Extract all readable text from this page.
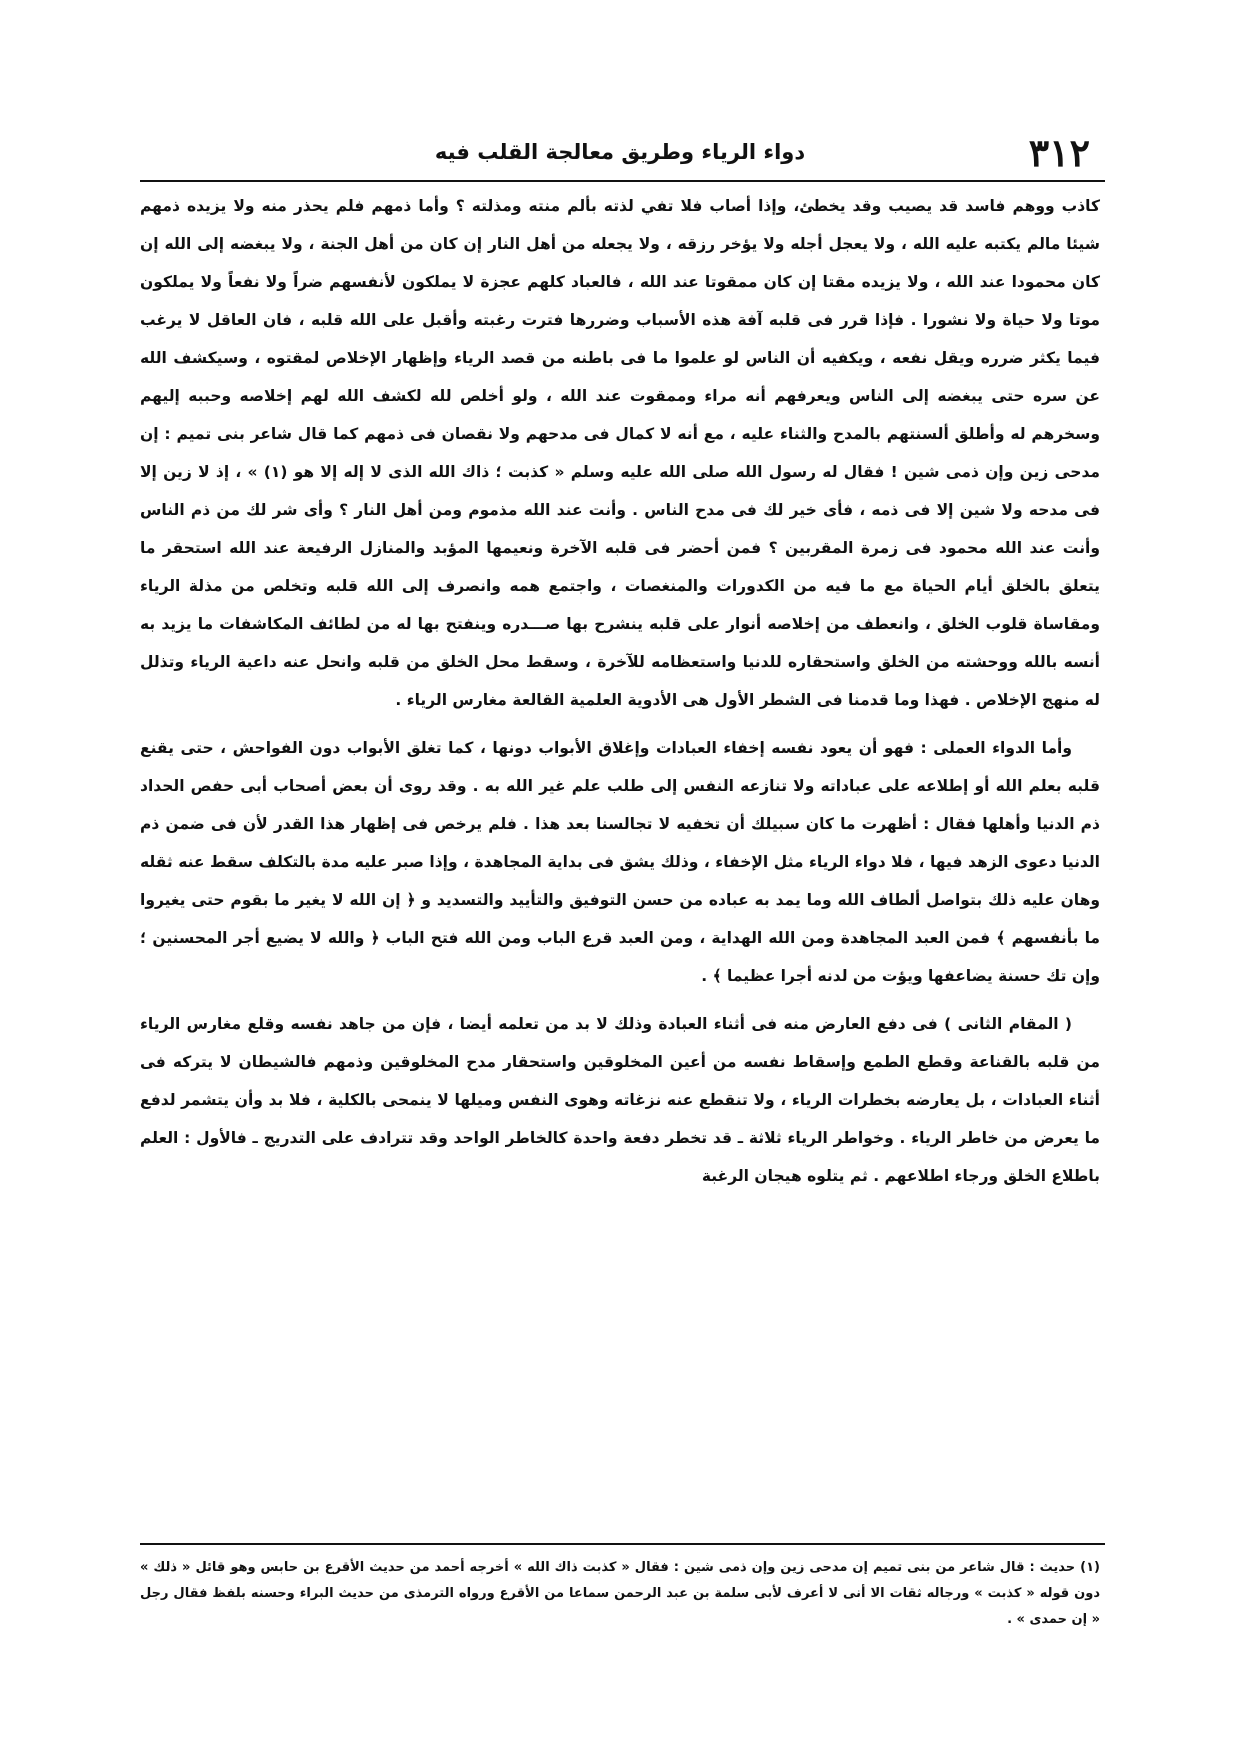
٣١٢
دواء الرياء وطريق معالجة القلب فيه

كاذب ووهم فاسد قد يصيب وقد يخطئ، وإذا أصاب فلا تفي لذته بألم منته ومذلته ؟ وأما ذمهم فلم يحذر منه ولا يزيده ذمهم شيئا مالم يكتبه عليه الله ، ولا يعجل أجله ولا يؤخر رزقه ، ولا يجعله من أهل النار إن كان من أهل الجنة ، ولا يبغضه إلى الله إن كان محمودا عند الله ، ولا يزيده مقتا إن كان ممقوتا عند الله ، فالعباد كلهم عجزة لا يملكون لأنفسهم ضراً ولا نفعاً ولا يملكون موتا ولا حياة ولا نشورا . فإذا قرر فى قلبه آفة هذه الأسباب وضررها فترت رغبته وأقبل على الله قلبه ، فان العاقل لا يرغب فيما يكثر ضرره ويقل نفعه ، ويكفيه أن الناس لو علموا ما فى باطنه من قصد الرياء وإظهار الإخلاص لمقتوه ، وسيكشف الله عن سره حتى يبغضه إلى الناس ويعرفهم أنه مراء وممقوت عند الله ، ولو أخلص لله لكشف الله لهم إخلاصه وحببه إليهم وسخرهم له وأطلق ألسنتهم بالمدح والثناء عليه ، مع أنه لا كمال فى مدحهم ولا نقصان فى ذمهم كما قال شاعر بنى تميم : إن مدحى زين وإن ذمى شين ! فقال له رسول الله صلى الله عليه وسلم « كذبت ؛ ذاك الله الذى لا إله إلا هو (١) » ، إذ لا زين إلا فى مدحه ولا شين إلا فى ذمه ، فأى خير لك فى مدح الناس . وأنت عند الله مذموم ومن أهل النار ؟ وأى شر لك من ذم الناس وأنت عند الله محمود فى زمرة المقربين ؟ فمن أحضر فى قلبه الآخرة ونعيمها المؤبد والمنازل الرفيعة عند الله استحقر ما يتعلق بالخلق أيام الحياة مع ما فيه من الكدورات والمنغصات ، واجتمع همه وانصرف إلى الله قلبه وتخلص من مذلة الرياء ومقاساة قلوب الخلق ، وانعطف من إخلاصه أنوار على قلبه ينشرح بها صـــدره وينفتح بها له من لطائف المكاشفات ما يزيد به أنسه بالله ووحشته من الخلق واستحقاره للدنيا واستعظامه للآخرة ، وسقط محل الخلق من قلبه وانحل عنه داعية الرياء وتذلل له منهج الإخلاص . فهذا وما قدمنا فى الشطر الأول هى الأدوية العلمية القالعة مغارس الرياء .

وأما الدواء العملى : فهو أن يعود نفسه إخفاء العبادات وإغلاق الأبواب دونها ، كما تغلق الأبواب دون الفواحش ، حتى يقنع قلبه بعلم الله أو إطلاعه على عباداته ولا تنازعه النفس إلى طلب علم غير الله به . وقد روى أن بعض أصحاب أبى حفص الحداد ذم الدنيا وأهلها فقال : أظهرت ما كان سبيلك أن تخفيه لا تجالسنا بعد هذا . فلم يرخص فى إظهار هذا القدر لأن فى ضمن ذم الدنيا دعوى الزهد فيها ، فلا دواء الرياء مثل الإخفاء ، وذلك يشق فى بداية المجاهدة ، وإذا صبر عليه مدة بالتكلف سقط عنه ثقله وهان عليه ذلك بتواصل ألطاف الله وما يمد به عباده من حسن التوفيق والتأييد والتسديد و ﴿ إن الله لا يغير ما بقوم حتى يغيروا ما بأنفسهم ﴾ فمن العبد المجاهدة ومن الله الهداية ، ومن العبد قرع الباب ومن الله فتح الباب ﴿ والله لا يضيع أجر المحسنين ؛ وإن تك حسنة يضاعفها ويؤت من لدنه أجرا عظيما ﴾ .

( المقام الثانى ) فى دفع العارض منه فى أثناء العبادة وذلك لا بد من تعلمه أيضا ، فإن من جاهد نفسه وقلع مغارس الرياء من قلبه بالقناعة وقطع الطمع وإسقاط نفسه من أعين المخلوقين واستحقار مدح المخلوقين وذمهم فالشيطان لا يتركه فى أثناء العبادات ، بل يعارضه بخطرات الرياء ، ولا تنقطع عنه نزغاته وهوى النفس وميلها لا ينمحى بالكلية ، فلا بد وأن يتشمر لدفع ما يعرض من خاطر الرياء . وخواطر الرياء ثلاثة ـ قد تخطر دفعة واحدة كالخاطر الواحد وقد تترادف على التدريج ـ فالأول : العلم باطلاع الخلق ورجاء اطلاعهم . ثم يتلوه هيجان الرغبة

(١) حديث : قال شاعر من بنى تميم إن مدحى زين وإن ذمى شين : فقال « كذبت ذاك الله » أخرجه أحمد من حديث الأقرع بن حابس وهو قائل « ذلك » دون قوله « كذبت » ورجاله ثقات الا أنى لا أعرف لأبى سلمة بن عبد الرحمن سماعا من الأقرع ورواه الترمذى من حديث البراء وحسنه بلفظ فقال رجل « إن حمدى » .
